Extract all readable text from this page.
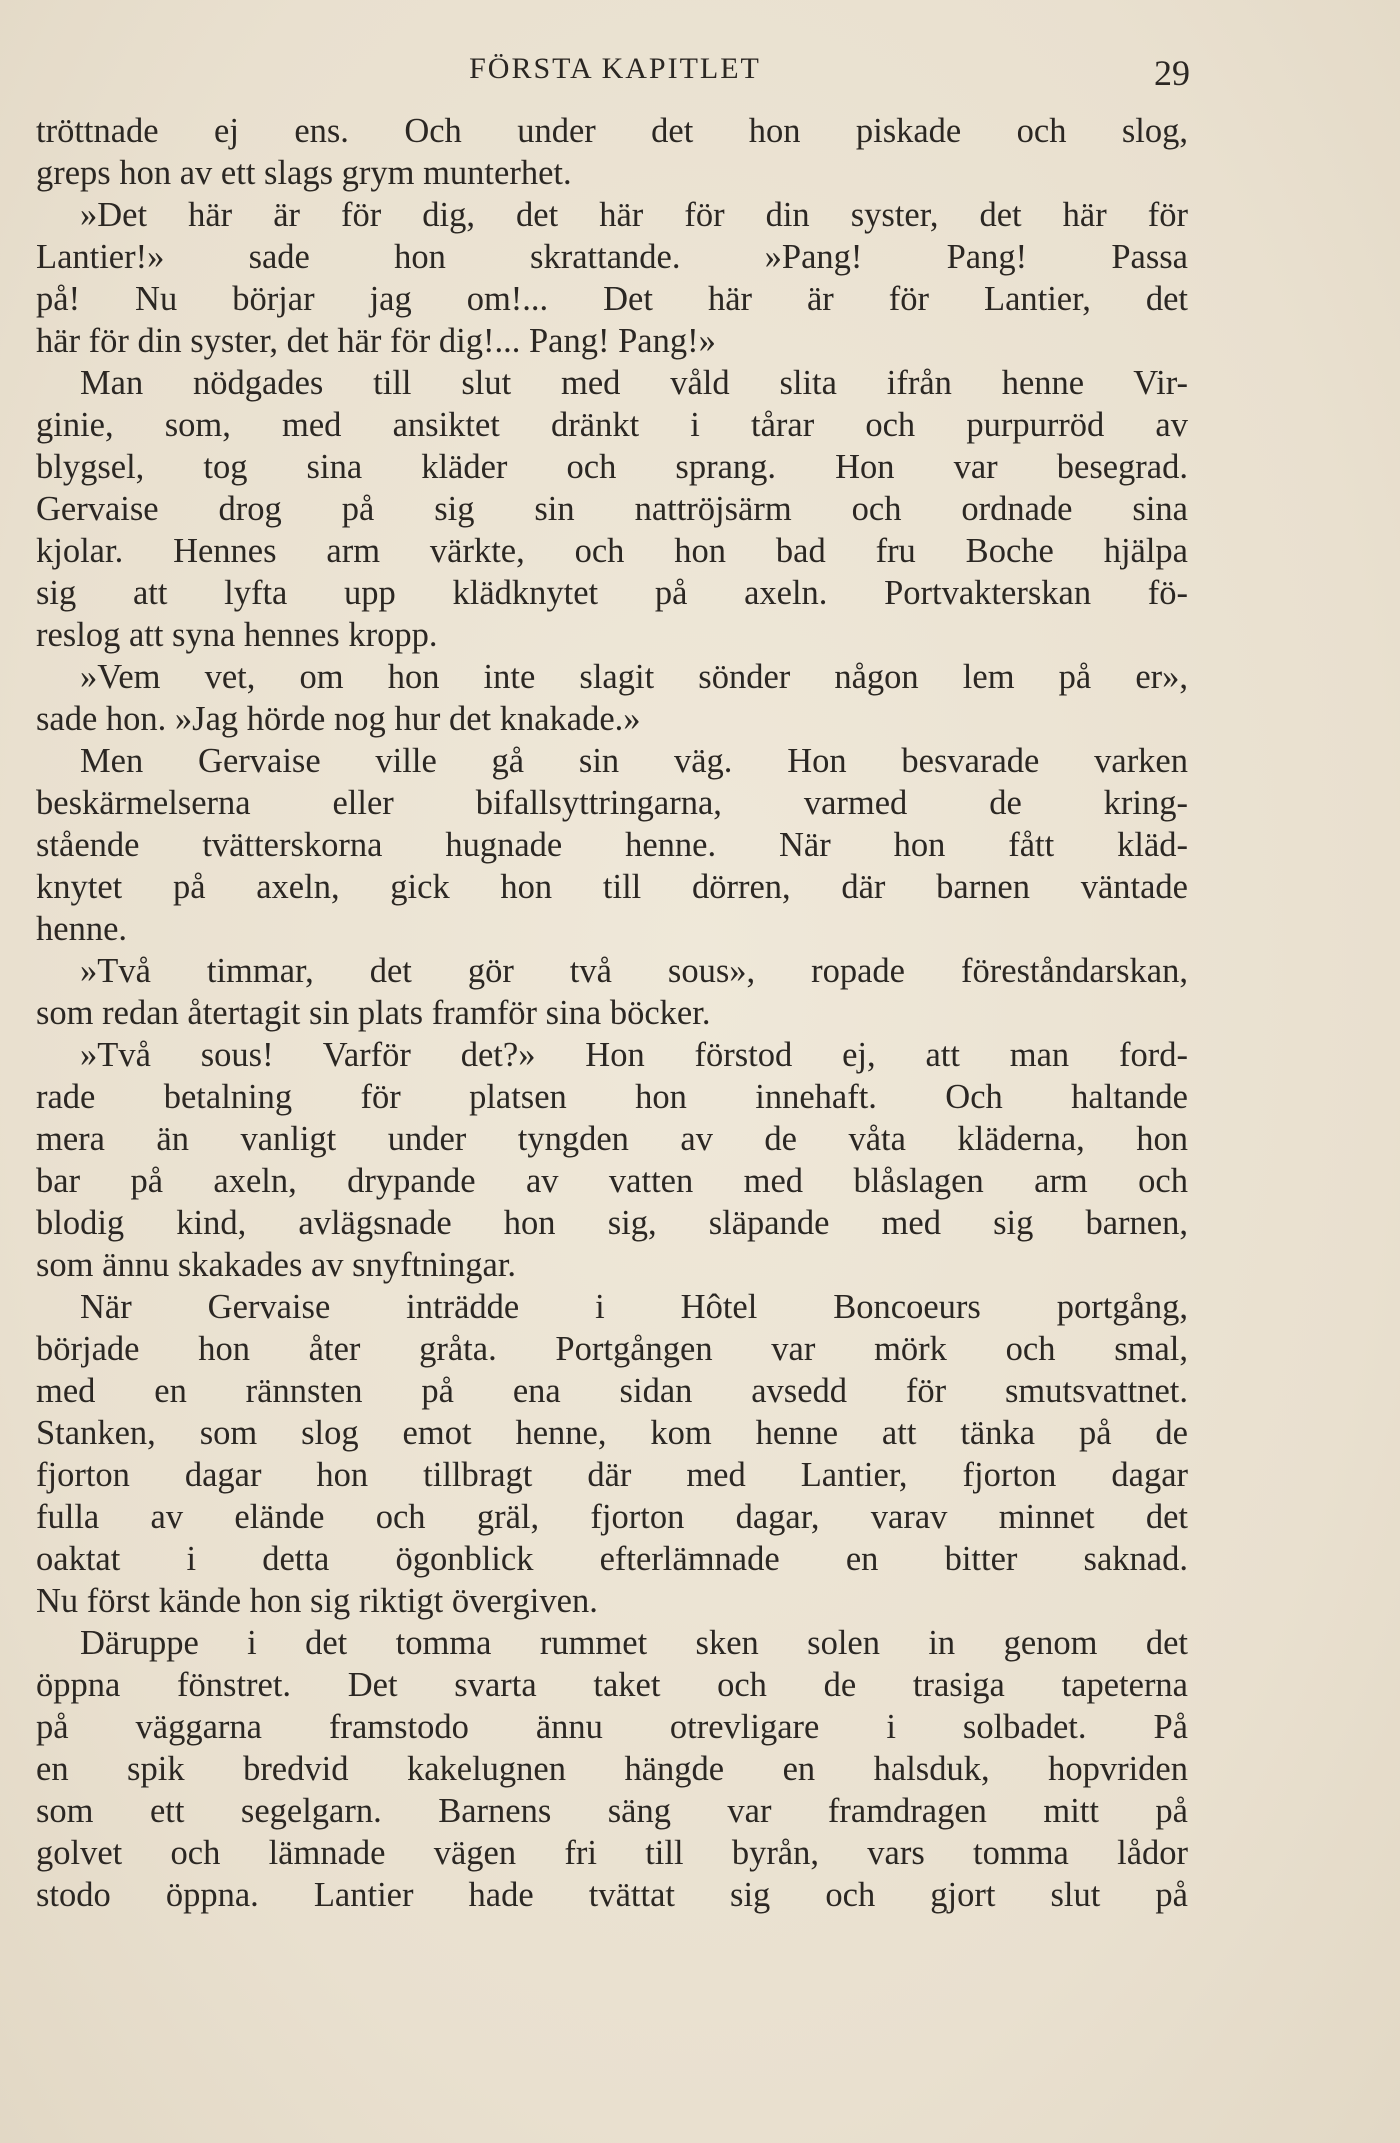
FÖRSTA KAPITLET	29
tröttnade ej ens. Och under det hon piskade och slog,
greps hon av ett slags grym munterhet.
»Det här är för dig, det här för din syster, det här för
Lantier!» sade hon skrattande. »Pang! Pang! Passa
på! Nu börjar jag om!... Det här är för Lantier, det
här för din syster, det här för dig!... Pang! Pang!»
Man nödgades till slut med våld slita ifrån henne Vir-
ginie, som, med ansiktet dränkt i tårar och purpurröd av
blygsel, tog sina kläder och sprang. Hon var besegrad.
Gervaise drog på sig sin nattröjsärm och ordnade sina
kjolar. Hennes arm värkte, och hon bad fru Boche hjälpa
sig att lyfta upp klädknytet på axeln. Portvakterskan fö-
reslog att syna hennes kropp.
»Vem vet, om hon inte slagit sönder någon lem på er»,
sade hon. »Jag hörde nog hur det knakade.»
Men Gervaise ville gå sin väg. Hon besvarade varken
beskärmelserna eller bifallsyttringarna, varmed de kring-
stående tvätterskorna hugnade henne. När hon fått kläd-
knytet på axeln, gick hon till dörren, där barnen väntade
henne.
»Två timmar, det gör två sous», ropade föreståndarskan,
som redan återtagit sin plats framför sina böcker.
»Två sous! Varför det?» Hon förstod ej, att man ford-
rade betalning för platsen hon innehaft. Och haltande
mera än vanligt under tyngden av de våta kläderna, hon
bar på axeln, drypande av vatten med blåslagen arm och
blodig kind, avlägsnade hon sig, släpande med sig barnen,
som ännu skakades av snyftningar.
När Gervaise inträdde i Hôtel Boncoeurs portgång,
började hon åter gråta. Portgången var mörk och smal,
med en rännsten på ena sidan avsedd för smutsvattnet.
Stanken, som slog emot henne, kom henne att tänka på de
fjorton dagar hon tillbragt där med Lantier, fjorton dagar
fulla av elände och gräl, fjorton dagar, varav minnet det
oaktat i detta ögonblick efterlämnade en bitter saknad.
Nu först kände hon sig riktigt övergiven.
Däruppe i det tomma rummet sken solen in genom det
öppna fönstret. Det svarta taket och de trasiga tapeterna
på väggarna framstodo ännu otrevligare i solbadet. På
en spik bredvid kakelugnen hängde en halsduk, hopvriden
som ett segelgarn. Barnens säng var framdragen mitt på
golvet och lämnade vägen fri till byrån, vars tomma lådor
stodo öppna. Lantier hade tvättat sig och gjort slut på
